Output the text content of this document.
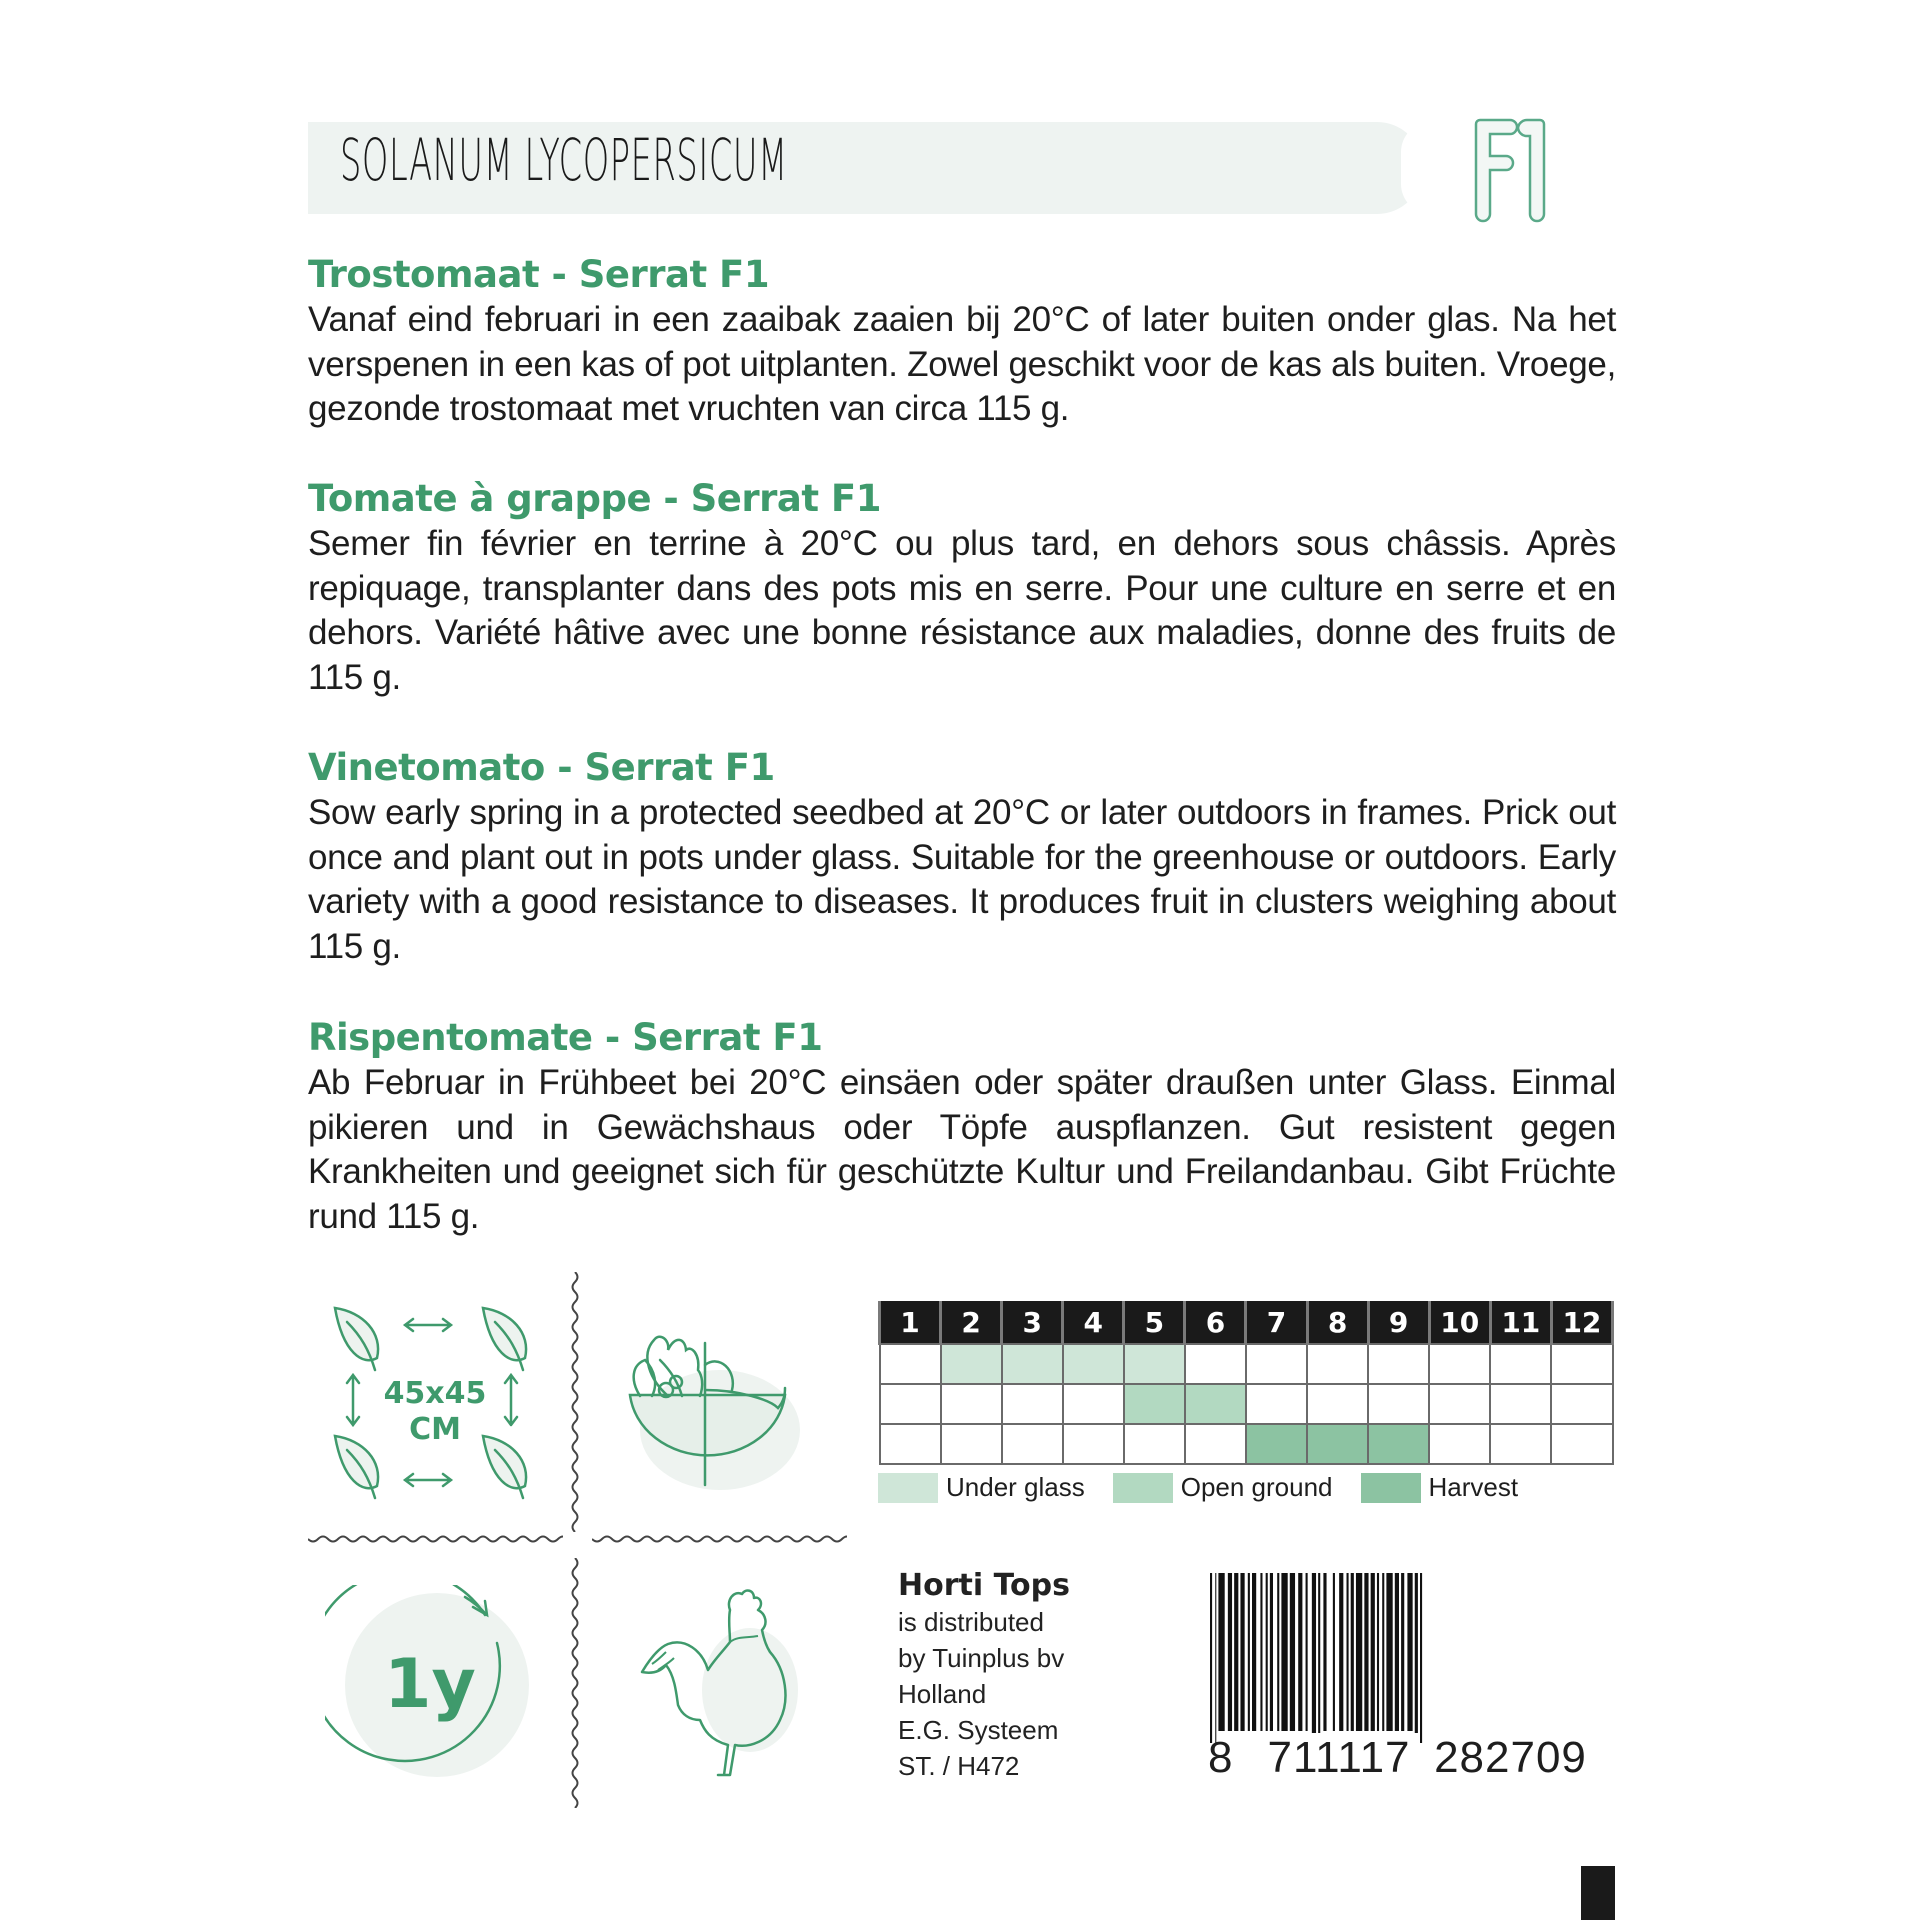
SOLANUM LYCOPERSICUM
Trostomaat - Serrat F1

Vanaf eind februari in een zaaibak zaaien bij 20°C of later buiten onder glas. Na het verspenen in een kas of pot uitplanten. Zowel geschikt voor de kas als buiten. Vroege, gezonde trostomaat met vruchten van circa 115 g.

Tomate à grappe - Serrat F1

Semer fin février en terrine à 20°C ou plus tard, en dehors sous châssis. Après repiquage, transplanter dans des pots mis en serre. Pour une culture en serre et en dehors. Variété hâtive avec une bonne résistance aux maladies, donne des fruits de 115 g.

Vinetomato - Serrat F1

Sow early spring in a protected seedbed at 20°C or later outdoors in frames. Prick out once and plant out in pots under glass. Suitable for the greenhouse or outdoors. Early variety with a good resistance to diseases. It produces fruit in clusters weighing about 115 g.

Rispentomate - Serrat F1

Ab Februar in Frühbeet bei 20°C einsäen oder später draußen unter Glass. Einmal pikieren und in Gewächshaus oder Töpfe auspflanzen. Gut resistent gegen Krankheiten und geeignet sich für geschützte Kultur und Freilandanbau. Gibt Früchte rund 115 g.

45x45
CM
1y
1	2	3	4	5	6	7	8	9	10	11	12

Under glass	Open ground	Harvest
Horti Tops
is distributed
by Tuinplus bv
Holland
E.G. Systeem
ST. / H472	8 711117 282709
